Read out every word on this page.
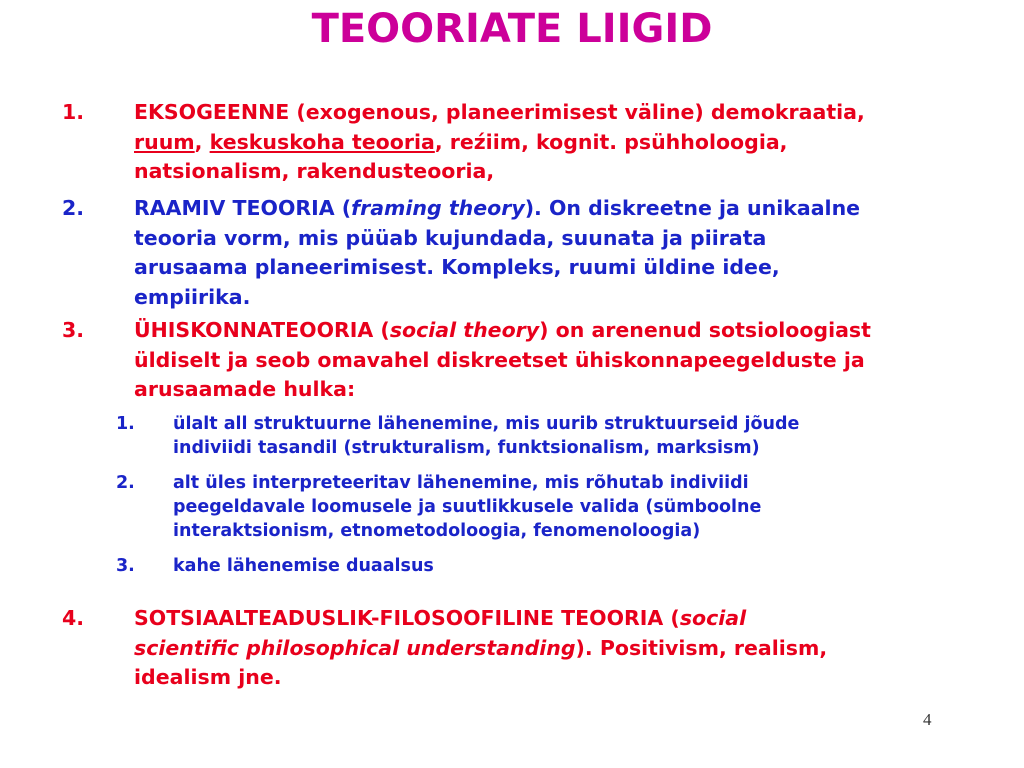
TEOORIATE LIIGID
1. EKSOGEENNE (exogenous, planeerimisest väline) demokraatia,
ruum, keskuskoha teooria, reźiim, kognit. psühholoogia,
natsionalism, rakendusteooria,
2. RAAMIV TEOORIA (framing theory). On diskreetne ja unikaalne
teooria vorm, mis püüab kujundada, suunata ja piirata
arusaama planeerimisest. Kompleks, ruumi üldine idee,
empiirika.
3. ÜHISKONNATEOORIA (social theory) on arenenud sotsioloogiast
üldiselt ja seob omavahel diskreetset ühiskonnapeegelduste ja
arusaamade hulka:
1. ülalt all struktuurne lähenemine, mis uurib struktuurseid jõude
indiviidi tasandil (strukturalism, funktsionalism, marksism)
2. alt üles interpreteeritav lähenemine, mis rõhutab indiviidi
peegeldavale loomusele ja suutlikkusele valida (sümboolne
interaktsionism, etnometodoloogia, fenomenoloogia)
3. kahe lähenemise duaalsus
4. SOTSIAALTEADUSLIK-FILOSOOFILINE TEOORIA (social
scientific philosophical understanding). Positivism, realism,
idealism jne.
4
